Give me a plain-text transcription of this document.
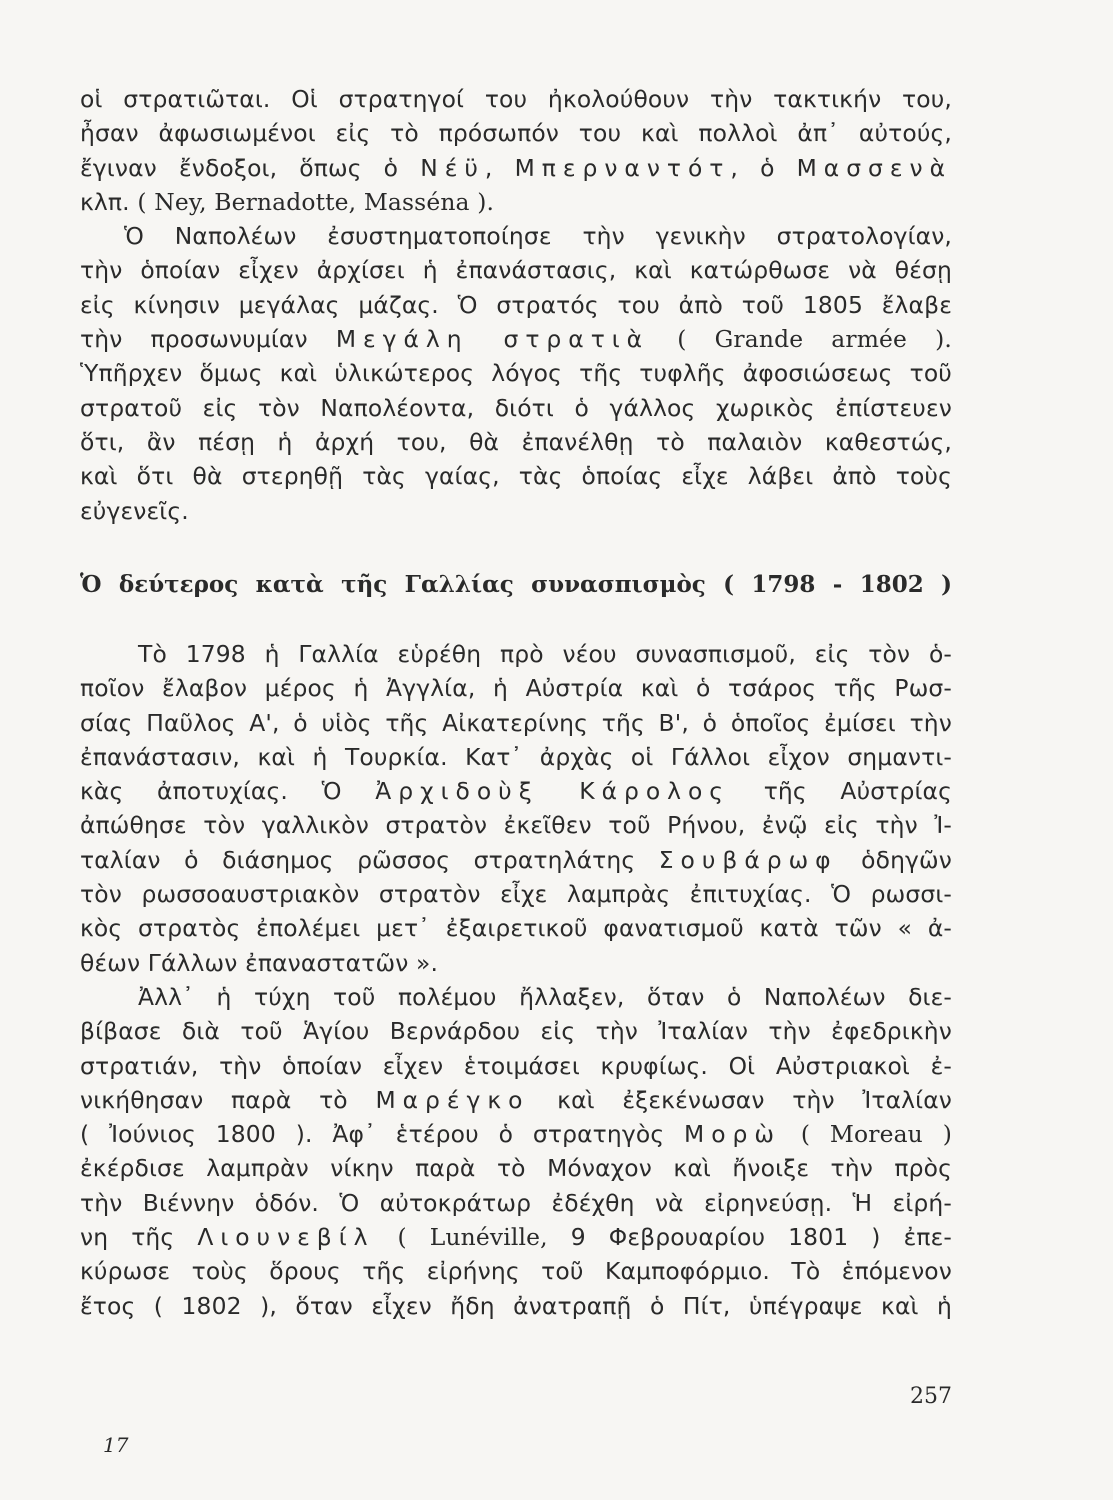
οἱ στρατιῶται. Οἱ στρατηγοί του ἠκολούθουν τὴν τακτικήν του,
ἦσαν ἀφωσιωμένοι εἰς τὸ πρόσωπόν του καὶ πολλοὶ ἀπ᾽ αὐτούς,
ἔγιναν ἔνδοξοι, ὅπως ὁ Νέϋ, Μπερναντότ, ὁ Μασσενὰ
κλπ. ( Ney, Bernadotte, Masséna ).
Ὁ Ναπολέων ἐσυστηματοποίησε τὴν γενικὴν στρατολογίαν,
τὴν ὁποίαν εἶχεν ἀρχίσει ἡ ἐπανάστασις, καὶ κατώρθωσε νὰ θέσῃ
εἰς κίνησιν μεγάλας μάζας. Ὁ στρατός του ἀπὸ τοῦ 1805 ἔλαβε
τὴν προσωνυμίαν Μεγάλη στρατιὰ ( Grande armée ).
Ὑπῆρχεν ὅμως καὶ ὑλικώτερος λόγος τῆς τυφλῆς ἀφοσιώσεως τοῦ
στρατοῦ εἰς τὸν Ναπολέοντα, διότι ὁ γάλλος χωρικὸς ἐπίστευεν
ὅτι, ἂν πέσῃ ἡ ἀρχή του, θὰ ἐπανέλθῃ τὸ παλαιὸν καθεστώς,
καὶ ὅτι θὰ στερηθῇ τὰς γαίας, τὰς ὁποίας εἶχε λάβει ἀπὸ τοὺς
εὐγενεῖς.
Ὁ δεύτερος κατὰ τῆς Γαλλίας συνασπισμὸς ( 1798 - 1802 )
Τὸ 1798 ἡ Γαλλία εὑρέθη πρὸ νέου συνασπισμοῦ, εἰς τὸν ὁ-
ποῖον ἔλαβον μέρος ἡ Ἀγγλία, ἡ Αὐστρία καὶ ὁ τσάρος τῆς Ρωσ-
σίας Παῦλος Α', ὁ υἱὸς τῆς Αἰκατερίνης τῆς Β', ὁ ὁποῖος ἐμίσει τὴν
ἐπανάστασιν, καὶ ἡ Τουρκία. Κατ᾽ ἀρχὰς οἱ Γάλλοι εἶχον σημαντι-
κὰς ἀποτυχίας. Ὁ Ἀρχιδοὺξ Κάρολος τῆς Αὐστρίας
ἀπώθησε τὸν γαλλικὸν στρατὸν ἐκεῖθεν τοῦ Ρήνου, ἐνῷ εἰς τὴν Ἰ-
ταλίαν ὁ διάσημος ρῶσσος στρατηλάτης Σουβάρωφ ὁδηγῶν
τὸν ρωσσοαυστριακὸν στρατὸν εἶχε λαμπρὰς ἐπιτυχίας. Ὁ ρωσσι-
κὸς στρατὸς ἐπολέμει μετ᾽ ἐξαιρετικοῦ φανατισμοῦ κατὰ τῶν « ἀ-
θέων Γάλλων ἐπαναστατῶν ».
Ἀλλ᾽ ἡ τύχη τοῦ πολέμου ἤλλαξεν, ὅταν ὁ Ναπολέων διε-
βίβασε διὰ τοῦ Ἁγίου Βερνάρδου εἰς τὴν Ἰταλίαν τὴν ἐφεδρικὴν
στρατιάν, τὴν ὁποίαν εἶχεν ἑτοιμάσει κρυφίως. Οἱ Αὐστριακοὶ ἐ-
νικήθησαν παρὰ τὸ Μαρέγκο καὶ ἐξεκένωσαν τὴν Ἰταλίαν
( Ἰούνιος 1800 ). Ἀφ᾽ ἑτέρου ὁ στρατηγὸς Μορὼ ( Moreau )
ἐκέρδισε λαμπρὰν νίκην παρὰ τὸ Μόναχον καὶ ἤνοιξε τὴν πρὸς
τὴν Βιέννην ὁδόν. Ὁ αὐτοκράτωρ ἐδέχθη νὰ εἰρηνεύσῃ. Ἡ εἰρή-
νη τῆς Λιουνεβίλ ( Lunéville, 9 Φεβρουαρίου 1801 ) ἐπε-
κύρωσε τοὺς ὅρους τῆς εἰρήνης τοῦ Καμποφόρμιο. Τὸ ἑπόμενον
ἔτος ( 1802 ), ὅταν εἶχεν ἤδη ἀνατραπῇ ὁ Πίτ, ὑπέγραψε καὶ ἡ
257
17
